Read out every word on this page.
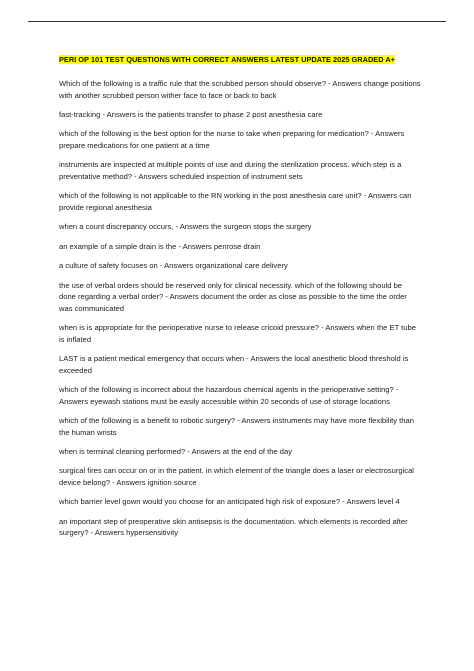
PERI OP 101 TEST QUESTIONS WITH CORRECT ANSWERS LATEST UPDATE 2025 GRADED A+

Which of the following is a traffic rule that the scrubbed person should observe? - Answers change positions with another scrubbed person wither face to face or back to back

fast-tracking - Answers is the patients transfer to phase 2 post anesthesia care

which of the following is the best option for the nurse to take when preparing for medication? - Answers prepare medications for one patient at a time

instruments are inspected at multiple points of use and during the sterilization process. which step is a preventative method? - Answers scheduled inspection of instrument sets

which of the following is not applicable to the RN working in the post anesthesia care unit? - Answers can provide regional anesthesia

when a count discrepancy occurs, - Answers the surgeon stops the surgery

an example of a simple drain is the - Answers penrose drain

a culture of safety focuses on - Answers organizational care delivery

the use of verbal orders should be reserved only for clinical necessity. which of the following should be done regarding a verbal order? - Answers document the order as close as possible to the time the order was communicated

when is is appropriate for the perioperative nurse to release cricoid pressure? - Answers when the ET tube is inflated

LAST is a patient medical emergency that occurs when - Answers the local anesthetic blood threshold is exceeded

which of the following is incorrect about the hazardous chemical agents in the perioperative setting? - Answers eyewash stations must be easily accessible within 20 seconds of use of storage locations

which of the following is a benefit to robotic surgery? - Answers instruments may have more flexibility than the human wrists

when is terminal cleaning performed? - Answers at the end of the day

surgical fires can occur on or in the patient. in which element of the triangle does a laser or electrosurgical device belong? - Answers ignition source

which barrier level gown would you choose for an anticipated high risk of exposure? - Answers level 4

an important step of preoperative skin antisepsis is the documentation. which elements is recorded after surgery? - Answers hypersensitivity
